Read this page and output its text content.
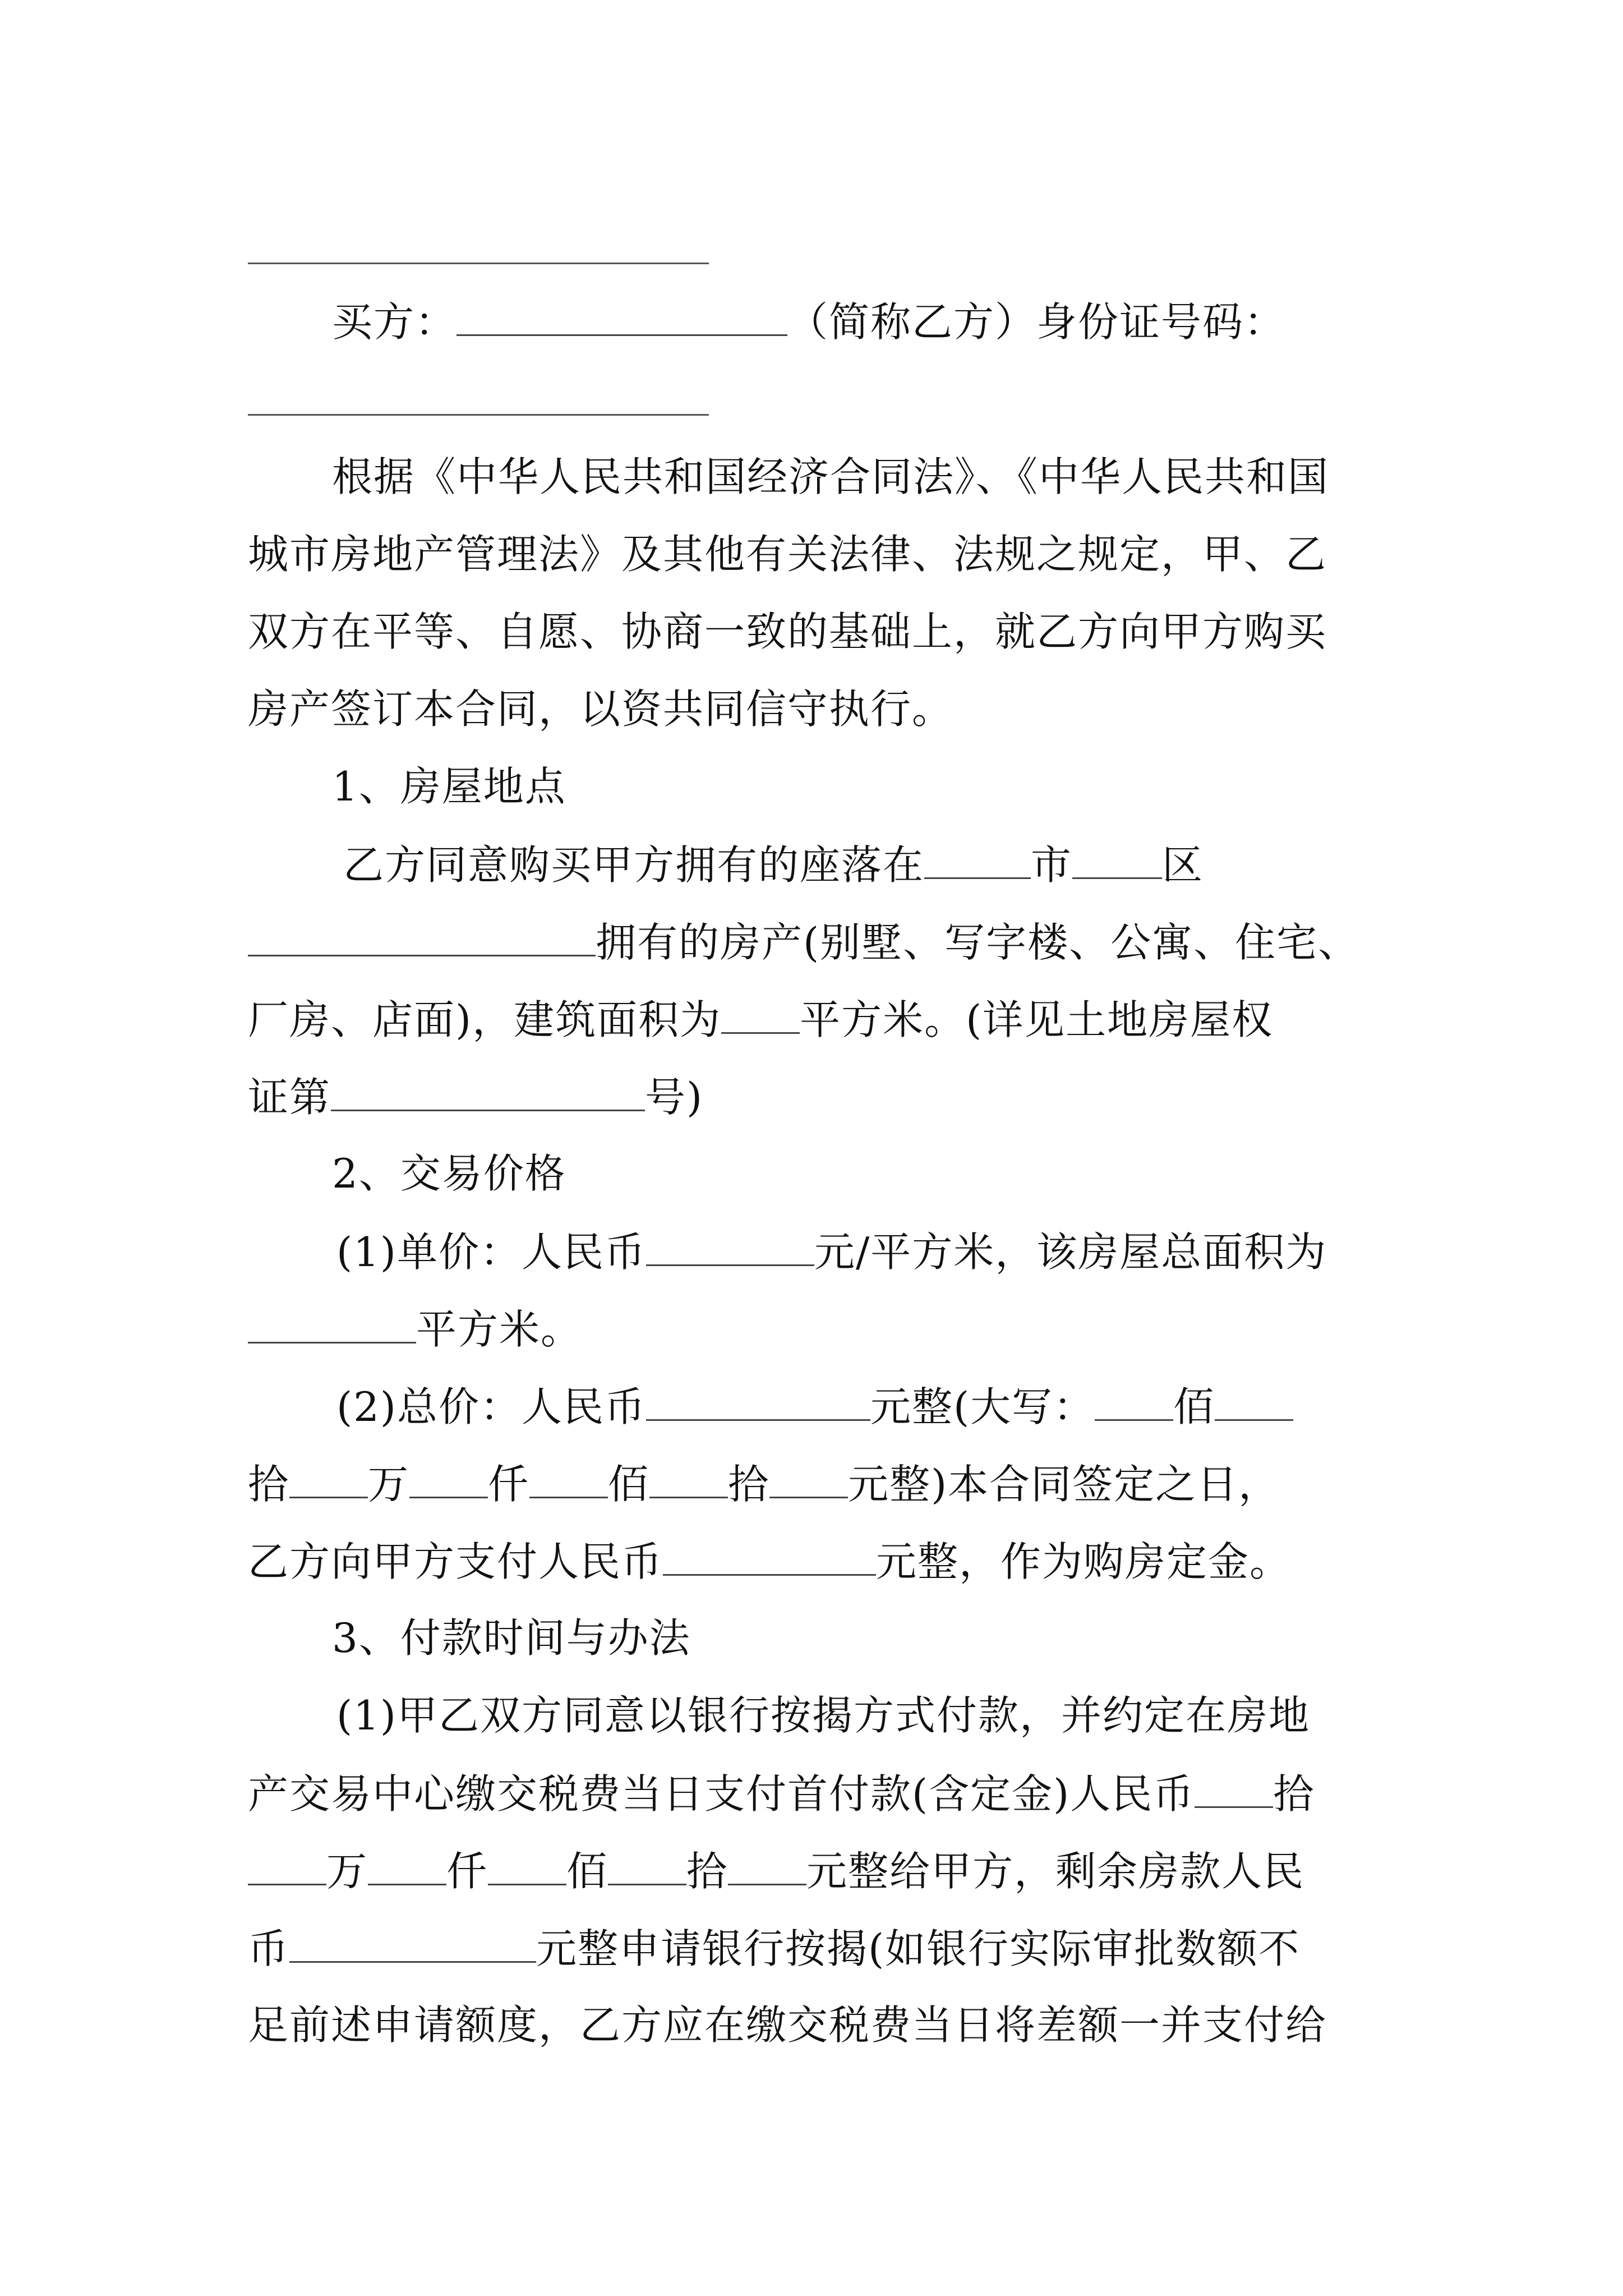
买方：	（简称乙方）身份证号码：
根据《中华人民共和国经济合同法》、《中华人民共和国
城市房地产管理法》及其他有关法律、法规之规定，甲、乙
双方在平等、自愿、协商一致的基础上，就乙方向甲方购买
房产签订本合同，以资共同信守执行。
1、房屋地点
乙方同意购买甲方拥有的座落在	市 区
拥有的房产(别墅、写字楼、公寓、住宅、
厂房、店面)，建筑面积为 平方米。(详见土地房屋权
证第	号)
2、交易价格
(1)单价：人民币	元/平方米，该房屋总面积为
平方米。
(2)总价：人民币	元整(大写： 佰
拾 万 仟 佰 拾 元整)本合同签定之日，
乙方向甲方支付人民币	元整，作为购房定金。
3、付款时间与办法
(1)甲乙双方同意以银行按揭方式付款，并约定在房地
产交易中心缴交税费当日支付首付款(含定金)人民币 拾
万 仟 佰 拾 元整给甲方，剩余房款人民
币	元整申请银行按揭(如银行实际审批数额不
足前述申请额度，乙方应在缴交税费当日将差额一并支付给
